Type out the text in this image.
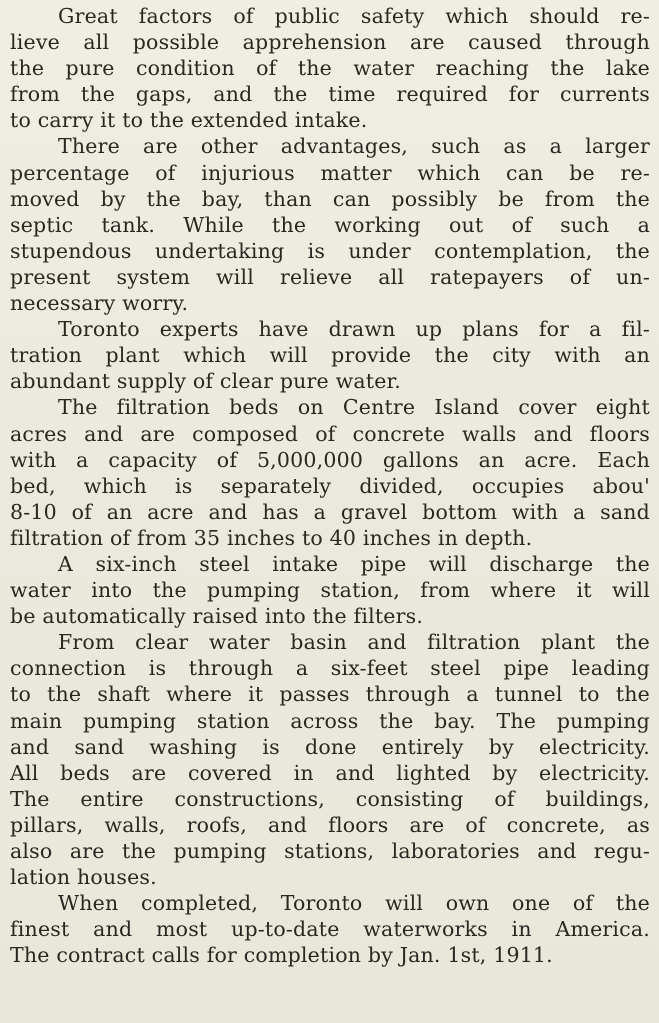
Great factors of public safety which should re-
lieve all possible apprehension are caused through
the pure condition of the water reaching the lake
from the gaps, and the time required for currents
to carry it to the extended intake.

There are other advantages, such as a larger
percentage of injurious matter which can be re-
moved by the bay, than can possibly be from the
septic tank. While the working out of such a
stupendous undertaking is under contemplation, the
present system will relieve all ratepayers of un-
necessary worry.

Toronto experts have drawn up plans for a fil-
tration plant which will provide the city with an
abundant supply of clear pure water.

The filtration beds on Centre Island cover eight
acres and are composed of concrete walls and floors
with a capacity of 5,000,000 gallons an acre. Each
bed, which is separately divided, occupies abou'
8-10 of an acre and has a gravel bottom with a sand
filtration of from 35 inches to 40 inches in depth.

A six-inch steel intake pipe will discharge the
water into the pumping station, from where it will
be automatically raised into the filters.

From clear water basin and filtration plant the
connection is through a six-feet steel pipe leading
to the shaft where it passes through a tunnel to the
main pumping station across the bay. The pumping
and sand washing is done entirely by electricity.
All beds are covered in and lighted by electricity.
The entire constructions, consisting of buildings,
pillars, walls, roofs, and floors are of concrete, as
also are the pumping stations, laboratories and regu-
lation houses.

When completed, Toronto will own one of the
finest and most up-to-date waterworks in America.
The contract calls for completion by Jan. 1st, 1911.
